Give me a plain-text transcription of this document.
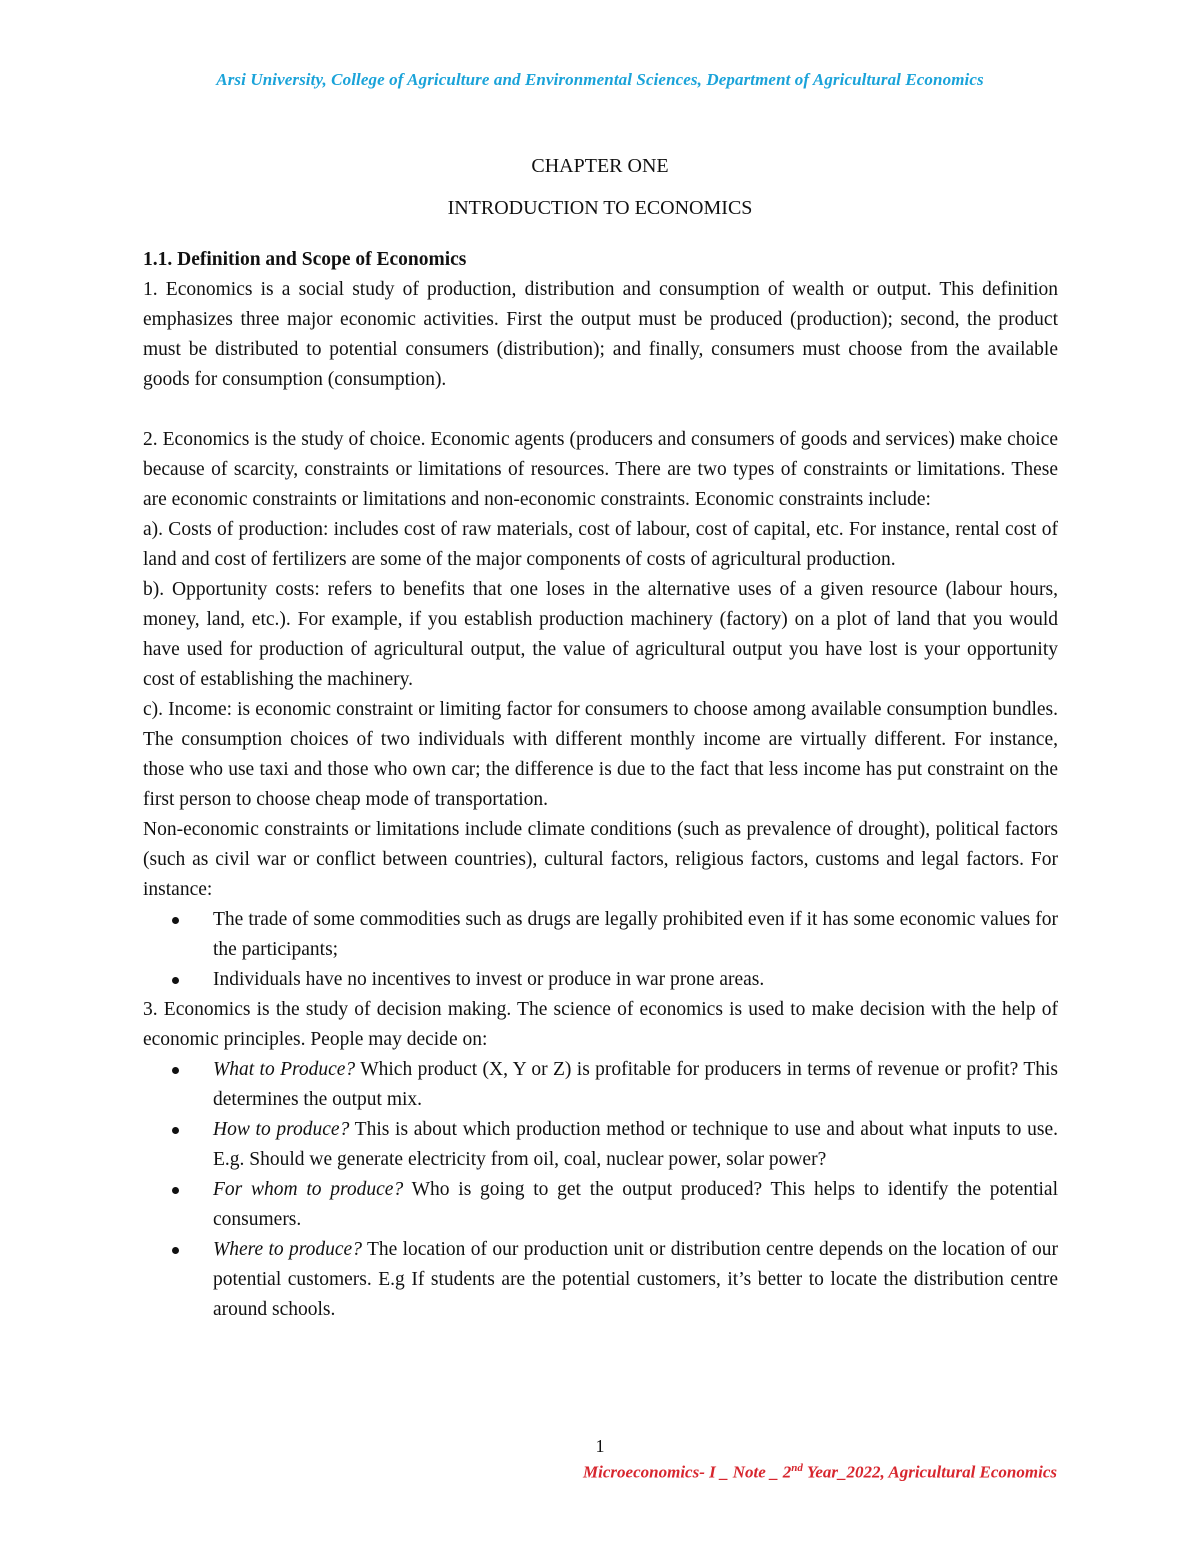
Arsi University, College of Agriculture and Environmental Sciences, Department of Agricultural Economics
CHAPTER ONE
INTRODUCTION TO ECONOMICS

1.1. Definition and Scope of Economics

1. Economics is a social study of production, distribution and consumption of wealth or output. This definition emphasizes three major economic activities. First the output must be produced (production); second, the product must be distributed to potential consumers (distribution); and finally, consumers must choose from the available goods for consumption (consumption).

2. Economics is the study of choice. Economic agents (producers and consumers of goods and services) make choice because of scarcity, constraints or limitations of resources. There are two types of constraints or limitations. These are economic constraints or limitations and non-economic constraints. Economic constraints include:

a). Costs of production: includes cost of raw materials, cost of labour, cost of capital, etc. For instance, rental cost of land and cost of fertilizers are some of the major components of costs of agricultural production.

b). Opportunity costs: refers to benefits that one loses in the alternative uses of a given resource (labour hours, money, land, etc.). For example, if you establish production machinery (factory) on a plot of land that you would have used for production of agricultural output, the value of agricultural output you have lost is your opportunity cost of establishing the machinery.

c). Income: is economic constraint or limiting factor for consumers to choose among available consumption bundles. The consumption choices of two individuals with different monthly income are virtually different. For instance, those who use taxi and those who own car; the difference is due to the fact that less income has put constraint on the first person to choose cheap mode of transportation.

Non-economic constraints or limitations include climate conditions (such as prevalence of drought), political factors (such as civil war or conflict between countries), cultural factors, religious factors, customs and legal factors. For instance:

The trade of some commodities such as drugs are legally prohibited even if it has some economic values for the participants;
Individuals have no incentives to invest or produce in war prone areas.

3. Economics is the study of decision making. The science of economics is used to make decision with the help of economic principles. People may decide on:

What to Produce? Which product (X, Y or Z) is profitable for producers in terms of revenue or profit? This determines the output mix.
How to produce? This is about which production method or technique to use and about what inputs to use. E.g. Should we generate electricity from oil, coal, nuclear power, solar power?
For whom to produce? Who is going to get the output produced? This helps to identify the potential consumers.
Where to produce? The location of our production unit or distribution centre depends on the location of our potential customers. E.g If students are the potential customers, it’s better to locate the distribution centre around schools.
1
Microeconomics- I _ Note _ 2nd Year_2022, Agricultural Economics
